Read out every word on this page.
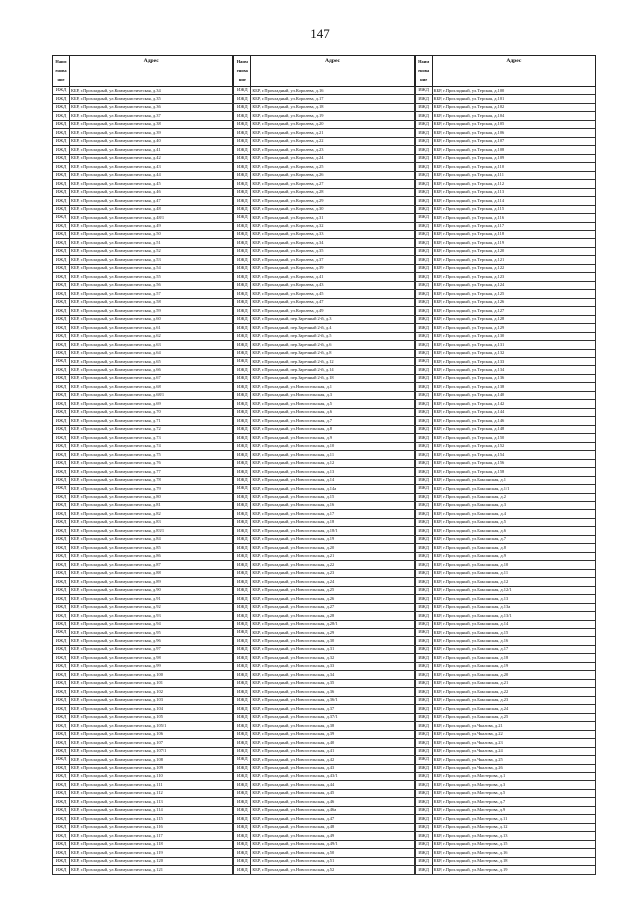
147
Наим енова ние
Адрес
ИЖД	КБР, г.Прохладный, ул.Коммунистическая, д.34
ИЖД	КБР, г.Прохладный, ул.Коммунистическая, д.35
ИЖД	КБР, г.Прохладный, ул.Коммунистическая, д.36
ИЖД	КБР, г.Прохладный, ул.Коммунистическая, д.37
ИЖД	КБР, г.Прохладный, ул.Коммунистическая, д.38
ИЖД	КБР, г.Прохладный, ул.Коммунистическая, д.39
ИЖД	КБР, г.Прохладный, ул.Коммунистическая, д.40
ИЖД	КБР, г.Прохладный, ул.Коммунистическая, д.41
ИЖД	КБР, г.Прохладный, ул.Коммунистическая, д.42
ИЖД	КБР, г.Прохладный, ул.Коммунистическая, д.43
ИЖД	КБР, г.Прохладный, ул.Коммунистическая, д.44
ИЖД	КБР, г.Прохладный, ул.Коммунистическая, д.45
ИЖД	КБР, г.Прохладный, ул.Коммунистическая, д.46
ИЖД	КБР, г.Прохладный, ул.Коммунистическая, д.47
ИЖД	КБР, г.Прохладный, ул.Коммунистическая, д.48
ИЖД	КБР, г.Прохладный, ул.Коммунистическая, д.48/1
ИЖД	КБР, г.Прохладный, ул.Коммунистическая, д.49
ИЖД	КБР, г.Прохладный, ул.Коммунистическая, д.50
ИЖД	КБР, г.Прохладный, ул.Коммунистическая, д.51
ИЖД	КБР, г.Прохладный, ул.Коммунистическая, д.52
ИЖД	КБР, г.Прохладный, ул.Коммунистическая, д.53
ИЖД	КБР, г.Прохладный, ул.Коммунистическая, д.54
ИЖД	КБР, г.Прохладный, ул.Коммунистическая, д.55
ИЖД	КБР, г.Прохладный, ул.Коммунистическая, д.56
ИЖД	КБР, г.Прохладный, ул.Коммунистическая, д.57
ИЖД	КБР, г.Прохладный, ул.Коммунистическая, д.58
ИЖД	КБР, г.Прохладный, ул.Коммунистическая, д.59
ИЖД	КБР, г.Прохладный, ул.Коммунистическая, д.60
ИЖД	КБР, г.Прохладный, ул.Коммунистическая, д.61
ИЖД	КБР, г.Прохладный, ул.Коммунистическая, д.62
ИЖД	КБР, г.Прохладный, ул.Коммунистическая, д.63
ИЖД	КБР, г.Прохладный, ул.Коммунистическая, д.64
ИЖД	КБР, г.Прохладный, ул.Коммунистическая, д.65
ИЖД	КБР, г.Прохладный, ул.Коммунистическая, д.66
ИЖД	КБР, г.Прохладный, ул.Коммунистическая, д.67
ИЖД	КБР, г.Прохладный, ул.Коммунистическая, д.68
ИЖД	КБР, г.Прохладный, ул.Коммунистическая, д.68/1
ИЖД	КБР, г.Прохладный, ул.Коммунистическая, д.69
ИЖД	КБР, г.Прохладный, ул.Коммунистическая, д.70
ИЖД	КБР, г.Прохладный, ул.Коммунистическая, д.71
ИЖД	КБР, г.Прохладный, ул.Коммунистическая, д.72
ИЖД	КБР, г.Прохладный, ул.Коммунистическая, д.73
ИЖД	КБР, г.Прохладный, ул.Коммунистическая, д.74
ИЖД	КБР, г.Прохладный, ул.Коммунистическая, д.75
ИЖД	КБР, г.Прохладный, ул.Коммунистическая, д.76
ИЖД	КБР, г.Прохладный, ул.Коммунистическая, д.77
ИЖД	КБР, г.Прохладный, ул.Коммунистическая, д.78
ИЖД	КБР, г.Прохладный, ул.Коммунистическая, д.79
ИЖД	КБР, г.Прохладный, ул.Коммунистическая, д.80
ИЖД	КБР, г.Прохладный, ул.Коммунистическая, д.81
ИЖД	КБР, г.Прохладный, ул.Коммунистическая, д.82
ИЖД	КБР, г.Прохладный, ул.Коммунистическая, д.83
ИЖД	КБР, г.Прохладный, ул.Коммунистическая, д.83/1
ИЖД	КБР, г.Прохладный, ул.Коммунистическая, д.84
ИЖД	КБР, г.Прохладный, ул.Коммунистическая, д.85
ИЖД	КБР, г.Прохладный, ул.Коммунистическая, д.86
ИЖД	КБР, г.Прохладный, ул.Коммунистическая, д.87
ИЖД	КБР, г.Прохладный, ул.Коммунистическая, д.88
ИЖД	КБР, г.Прохладный, ул.Коммунистическая, д.89
ИЖД	КБР, г.Прохладный, ул.Коммунистическая, д.90
ИЖД	КБР, г.Прохладный, ул.Коммунистическая, д.91
ИЖД	КБР, г.Прохладный, ул.Коммунистическая, д.92
ИЖД	КБР, г.Прохладный, ул.Коммунистическая, д.93
ИЖД	КБР, г.Прохладный, ул.Коммунистическая, д.94
ИЖД	КБР, г.Прохладный, ул.Коммунистическая, д.95
ИЖД	КБР, г.Прохладный, ул.Коммунистическая, д.96
ИЖД	КБР, г.Прохладный, ул.Коммунистическая, д.97
ИЖД	КБР, г.Прохладный, ул.Коммунистическая, д.98
ИЖД	КБР, г.Прохладный, ул.Коммунистическая, д.99
ИЖД	КБР, г.Прохладный, ул.Коммунистическая, д.100
ИЖД	КБР, г.Прохладный, ул.Коммунистическая, д.101
ИЖД	КБР, г.Прохладный, ул.Коммунистическая, д.102
ИЖД	КБР, г.Прохладный, ул.Коммунистическая, д.103
ИЖД	КБР, г.Прохладный, ул.Коммунистическая, д.104
ИЖД	КБР, г.Прохладный, ул.Коммунистическая, д.105
ИЖД	КБР, г.Прохладный, ул.Коммунистическая, д.105/1
ИЖД	КБР, г.Прохладный, ул.Коммунистическая, д.106
ИЖД	КБР, г.Прохладный, ул.Коммунистическая, д.107
ИЖД	КБР, г.Прохладный, ул.Коммунистическая, д.107/1
ИЖД	КБР, г.Прохладный, ул.Коммунистическая, д.108
ИЖД	КБР, г.Прохладный, ул.Коммунистическая, д.109
ИЖД	КБР, г.Прохладный, ул.Коммунистическая, д.110
ИЖД	КБР, г.Прохладный, ул.Коммунистическая, д.111
ИЖД	КБР, г.Прохладный, ул.Коммунистическая, д.112
ИЖД	КБР, г.Прохладный, ул.Коммунистическая, д.113
ИЖД	КБР, г.Прохладный, ул.Коммунистическая, д.114
ИЖД	КБР, г.Прохладный, ул.Коммунистическая, д.115
ИЖД	КБР, г.Прохладный, ул.Коммунистическая, д.116
ИЖД	КБР, г.Прохладный, ул.Коммунистическая, д.117
ИЖД	КБР, г.Прохладный, ул.Коммунистическая, д.118
ИЖД	КБР, г.Прохладный, ул.Коммунистическая, д.119
ИЖД	КБР, г.Прохладный, ул.Коммунистическая, д.120
ИЖД	КБР, г.Прохладный, ул.Коммунистическая, д.121
Наим енова ние
Адрес
ИЖД	КБР, г.Прохладный, ул.Королева, д.16
ИЖД	КБР, г.Прохладный, ул.Королева, д.17
ИЖД	КБР, г.Прохладный, ул.Королева, д.18
ИЖД	КБР, г.Прохладный, ул.Королева, д.19
ИЖД	КБР, г.Прохладный, ул.Королева, д.20
ИЖД	КБР, г.Прохладный, ул.Королева, д.21
ИЖД	КБР, г.Прохладный, ул.Королева, д.22
ИЖД	КБР, г.Прохладный, ул.Королева, д.23
ИЖД	КБР, г.Прохладный, ул.Королева, д.24
ИЖД	КБР, г.Прохладный, ул.Королева, д.25
ИЖД	КБР, г.Прохладный, ул.Королева, д.26
ИЖД	КБР, г.Прохладный, ул.Королева, д.27
ИЖД	КБР, г.Прохладный, ул.Королева, д.28
ИЖД	КБР, г.Прохладный, ул.Королева, д.29
ИЖД	КБР, г.Прохладный, ул.Королева, д.30
ИЖД	КБР, г.Прохладный, ул.Королева, д.31
ИЖД	КБР, г.Прохладный, ул.Королева, д.32
ИЖД	КБР, г.Прохладный, ул.Королева, д.33
ИЖД	КБР, г.Прохладный, ул.Королева, д.34
ИЖД	КБР, г.Прохладный, ул.Королева, д.35
ИЖД	КБР, г.Прохладный, ул.Королева, д.37
ИЖД	КБР, г.Прохладный, ул.Королева, д.39
ИЖД	КБР, г.Прохладный, ул.Королева, д.41
ИЖД	КБР, г.Прохладный, ул.Королева, д.43
ИЖД	КБР, г.Прохладный, ул.Королева, д.45
ИЖД	КБР, г.Прохладный, ул.Королева, д.47
ИЖД	КБР, г.Прохладный, ул.Королева, д.49
ИЖД	КБР, г.Прохладный, пер.Заречный 2-й, д.3
ИЖД	КБР, г.Прохладный, пер.Заречный 2-й, д.4
ИЖД	КБР, г.Прохладный, пер.Заречный 2-й, д.5
ИЖД	КБР, г.Прохладный, пер.Заречный 2-й, д.6
ИЖД	КБР, г.Прохладный, пер.Заречный 2-й, д.8
ИЖД	КБР, г.Прохладный, пер.Заречный 2-й, д.12
ИЖД	КБР, г.Прохладный, пер.Заречный 2-й, д.14
ИЖД	КБР, г.Прохладный, пер.Заречный 2-й, д.18
ИЖД	КБР, г.Прохладный, ул.Новоосельская, д.1
ИЖД	КБР, г.Прохладный, ул.Новоосельская, д.3
ИЖД	КБР, г.Прохладный, ул.Новоосельская, д.5
ИЖД	КБР, г.Прохладный, ул.Новоосельская, д.6
ИЖД	КБР, г.Прохладный, ул.Новоосельская, д.7
ИЖД	КБР, г.Прохладный, ул.Новоосельская, д.8
ИЖД	КБР, г.Прохладный, ул.Новоосельская, д.9
ИЖД	КБР, г.Прохладный, ул.Новоосельская, д.10
ИЖД	КБР, г.Прохладный, ул.Новоосельская, д.11
ИЖД	КБР, г.Прохладный, ул.Новоосельская, д.12
ИЖД	КБР, г.Прохладный, ул.Новоосельская, д.13
ИЖД	КБР, г.Прохладный, ул.Новоосельская, д.14
ИЖД	КБР, г.Прохладный, ул.Новоосельская, д.14а
ИЖД	КБР, г.Прохладный, ул.Новоосельская, д.15
ИЖД	КБР, г.Прохладный, ул.Новоосельская, д.16
ИЖД	КБР, г.Прохладный, ул.Новоосельская, д.17
ИЖД	КБР, г.Прохладный, ул.Новоосельская, д.18
ИЖД	КБР, г.Прохладный, ул.Новоосельская, д.18/1
ИЖД	КБР, г.Прохладный, ул.Новоосельская, д.19
ИЖД	КБР, г.Прохладный, ул.Новоосельская, д.20
ИЖД	КБР, г.Прохладный, ул.Новоосельская, д.21
ИЖД	КБР, г.Прохладный, ул.Новоосельская, д.22
ИЖД	КБР, г.Прохладный, ул.Новоосельская, д.23
ИЖД	КБР, г.Прохладный, ул.Новоосельская, д.24
ИЖД	КБР, г.Прохладный, ул.Новоосельская, д.25
ИЖД	КБР, г.Прохладный, ул.Новоосельская, д.26
ИЖД	КБР, г.Прохладный, ул.Новоосельская, д.27
ИЖД	КБР, г.Прохладный, ул.Новоосельская, д.28
ИЖД	КБР, г.Прохладный, ул.Новоосельская, д.28/1
ИЖД	КБР, г.Прохладный, ул.Новоосельская, д.29
ИЖД	КБР, г.Прохладный, ул.Новоосельская, д.30
ИЖД	КБР, г.Прохладный, ул.Новоосельская, д.31
ИЖД	КБР, г.Прохладный, ул.Новоосельская, д.32
ИЖД	КБР, г.Прохладный, ул.Новоосельская, д.33
ИЖД	КБР, г.Прохладный, ул.Новоосельская, д.34
ИЖД	КБР, г.Прохладный, ул.Новоосельская, д.35
ИЖД	КБР, г.Прохладный, ул.Новоосельская, д.36
ИЖД	КБР, г.Прохладный, ул.Новоосельская, д.36/1
ИЖД	КБР, г.Прохладный, ул.Новоосельская, д.37
ИЖД	КБР, г.Прохладный, ул.Новоосельская, д.37/1
ИЖД	КБР, г.Прохладный, ул.Новоосельская, д.38
ИЖД	КБР, г.Прохладный, ул.Новоосельская, д.39
ИЖД	КБР, г.Прохладный, ул.Новоосельская, д.40
ИЖД	КБР, г.Прохладный, ул.Новоосельская, д.41
ИЖД	КБР, г.Прохладный, ул.Новоосельская, д.42
ИЖД	КБР, г.Прохладный, ул.Новоосельская, д.43
ИЖД	КБР, г.Прохладный, ул.Новоосельская, д.43/1
ИЖД	КБР, г.Прохладный, ул.Новоосельская, д.44
ИЖД	КБР, г.Прохладный, ул.Новоосельская, д.45
ИЖД	КБР, г.Прохладный, ул.Новоосельская, д.46
ИЖД	КБР, г.Прохладный, ул.Новоосельская, д.46а
ИЖД	КБР, г.Прохладный, ул.Новоосельская, д.47
ИЖД	КБР, г.Прохладный, ул.Новоосельская, д.48
ИЖД	КБР, г.Прохладный, ул.Новоосельская, д.49
ИЖД	КБР, г.Прохладный, ул.Новоосельская, д.49/1
ИЖД	КБР, г.Прохладный, ул.Новоосельская, д.50
ИЖД	КБР, г.Прохладный, ул.Новоосельская, д.51
ИЖД	КБР, г.Прохладный, ул.Новоосельская, д.52
Наим енова ние
Адрес
ИЖД	КБР, г.Прохладный, ул.Терская, д.100
ИЖД	КБР, г.Прохладный, ул.Терская, д.101
ИЖД	КБР, г.Прохладный, ул.Терская, д.102
ИЖД	КБР, г.Прохладный, ул.Терская, д.104
ИЖД	КБР, г.Прохладный, ул.Терская, д.105
ИЖД	КБР, г.Прохладный, ул.Терская, д.106
ИЖД	КБР, г.Прохладный, ул.Терская, д.107
ИЖД	КБР, г.Прохладный, ул.Терская, д.108
ИЖД	КБР, г.Прохладный, ул.Терская, д.109
ИЖД	КБР, г.Прохладный, ул.Терская, д.110
ИЖД	КБР, г.Прохладный, ул.Терская, д.111
ИЖД	КБР, г.Прохладный, ул.Терская, д.112
ИЖД	КБР, г.Прохладный, ул.Терская, д.113
ИЖД	КБР, г.Прохладный, ул.Терская, д.114
ИЖД	КБР, г.Прохладный, ул.Терская, д.115
ИЖД	КБР, г.Прохладный, ул.Терская, д.116
ИЖД	КБР, г.Прохладный, ул.Терская, д.117
ИЖД	КБР, г.Прохладный, ул.Терская, д.118
ИЖД	КБР, г.Прохладный, ул.Терская, д.119
ИЖД	КБР, г.Прохладный, ул.Терская, д.120
ИЖД	КБР, г.Прохладный, ул.Терская, д.121
ИЖД	КБР, г.Прохладный, ул.Терская, д.122
ИЖД	КБР, г.Прохладный, ул.Терская, д.123
ИЖД	КБР, г.Прохладный, ул.Терская, д.124
ИЖД	КБР, г.Прохладный, ул.Терская, д.125
ИЖД	КБР, г.Прохладный, ул.Терская, д.126
ИЖД	КБР, г.Прохладный, ул.Терская, д.127
ИЖД	КБР, г.Прохладный, ул.Терская, д.128
ИЖД	КБР, г.Прохладный, ул.Терская, д.129
ИЖД	КБР, г.Прохладный, ул.Терская, д.130
ИЖД	КБР, г.Прохладный, ул.Терская, д.131
ИЖД	КБР, г.Прохладный, ул.Терская, д.132
ИЖД	КБР, г.Прохладный, ул.Терская, д.133
ИЖД	КБР, г.Прохладный, ул.Терская, д.134
ИЖД	КБР, г.Прохладный, ул.Терская, д.136
ИЖД	КБР, г.Прохладный, ул.Терская, д.138
ИЖД	КБР, г.Прохладный, ул.Терская, д.140
ИЖД	КБР, г.Прохладный, ул.Терская, д.142
ИЖД	КБР, г.Прохладный, ул.Терская, д.144
ИЖД	КБР, г.Прохладный, ул.Терская, д.146
ИЖД	КБР, г.Прохладный, ул.Терская, д.148
ИЖД	КБР, г.Прохладный, ул.Терская, д.150
ИЖД	КБР, г.Прохладный, ул.Терская, д.152
ИЖД	КБР, г.Прохладный, ул.Терская, д.154
ИЖД	КБР, г.Прохладный, ул.Терская, д.156
ИЖД	КБР, г.Прохладный, ул.Терская, д.158
ИЖД	КБР, г.Прохладный, ул.Баксанская, д.1
ИЖД	КБР, г.Прохладный, ул.Баксанская, д.1/1
ИЖД	КБР, г.Прохладный, ул.Баксанская, д.2
ИЖД	КБР, г.Прохладный, ул.Баксанская, д.3
ИЖД	КБР, г.Прохладный, ул.Баксанская, д.4
ИЖД	КБР, г.Прохладный, ул.Баксанская, д.5
ИЖД	КБР, г.Прохладный, ул.Баксанская, д.6
ИЖД	КБР, г.Прохладный, ул.Баксанская, д.7
ИЖД	КБР, г.Прохладный, ул.Баксанская, д.8
ИЖД	КБР, г.Прохладный, ул.Баксанская, д.9
ИЖД	КБР, г.Прохладный, ул.Баксанская, д.10
ИЖД	КБР, г.Прохладный, ул.Баксанская, д.11
ИЖД	КБР, г.Прохладный, ул.Баксанская, д.12
ИЖД	КБР, г.Прохладный, ул.Баксанская, д.12/1
ИЖД	КБР, г.Прохладный, ул.Баксанская, д.13
ИЖД	КБР, г.Прохладный, ул.Баксанская, д.13а
ИЖД	КБР, г.Прохладный, ул.Баксанская, д.13/1
ИЖД	КБР, г.Прохладный, ул.Баксанская, д.14
ИЖД	КБР, г.Прохладный, ул.Баксанская, д.15
ИЖД	КБР, г.Прохладный, ул.Баксанская, д.16
ИЖД	КБР, г.Прохладный, ул.Баксанская, д.17
ИЖД	КБР, г.Прохладный, ул.Баксанская, д.18
ИЖД	КБР, г.Прохладный, ул.Баксанская, д.19
ИЖД	КБР, г.Прохладный, ул.Баксанская, д.20
ИЖД	КБР, г.Прохладный, ул.Баксанская, д.21
ИЖД	КБР, г.Прохладный, ул.Баксанская, д.22
ИЖД	КБР, г.Прохладный, ул.Баксанская, д.23
ИЖД	КБР, г.Прохладный, ул.Баксанская, д.24
ИЖД	КБР, г.Прохладный, ул.Баксанская, д.25
ИЖД	КБР, г.Прохладный, ул.Чкалова, д.21
ИЖД	КБР, г.Прохладный, ул.Чкалова, д.22
ИЖД	КБР, г.Прохладный, ул.Чкалова, д.23
ИЖД	КБР, г.Прохладный, ул.Чкалова, д.24
ИЖД	КБР, г.Прохладный, ул.Чкалова, д.25
ИЖД	КБР, г.Прохладный, ул.Чкалова, д.26
ИЖД	КБР, г.Прохладный, ул.Мастерова, д.1
ИЖД	КБР, г.Прохладный, ул.Мастерова, д.3
ИЖД	КБР, г.Прохладный, ул.Мастерова, д.5
ИЖД	КБР, г.Прохладный, ул.Мастерова, д.7
ИЖД	КБР, г.Прохладный, ул.Мастерова, д.9
ИЖД	КБР, г.Прохладный, ул.Мастерова, д.11
ИЖД	КБР, г.Прохладный, ул.Мастерова, д.12
ИЖД	КБР, г.Прохладный, ул.Мастерова, д.13
ИЖД	КБР, г.Прохладный, ул.Мастерова, д.15
ИЖД	КБР, г.Прохладный, ул.Мастерова, д.16
ИЖД	КБР, г.Прохладный, ул.Мастерова, д.18
ИЖД	КБР, г.Прохладный, ул.Мастерова, д.19
